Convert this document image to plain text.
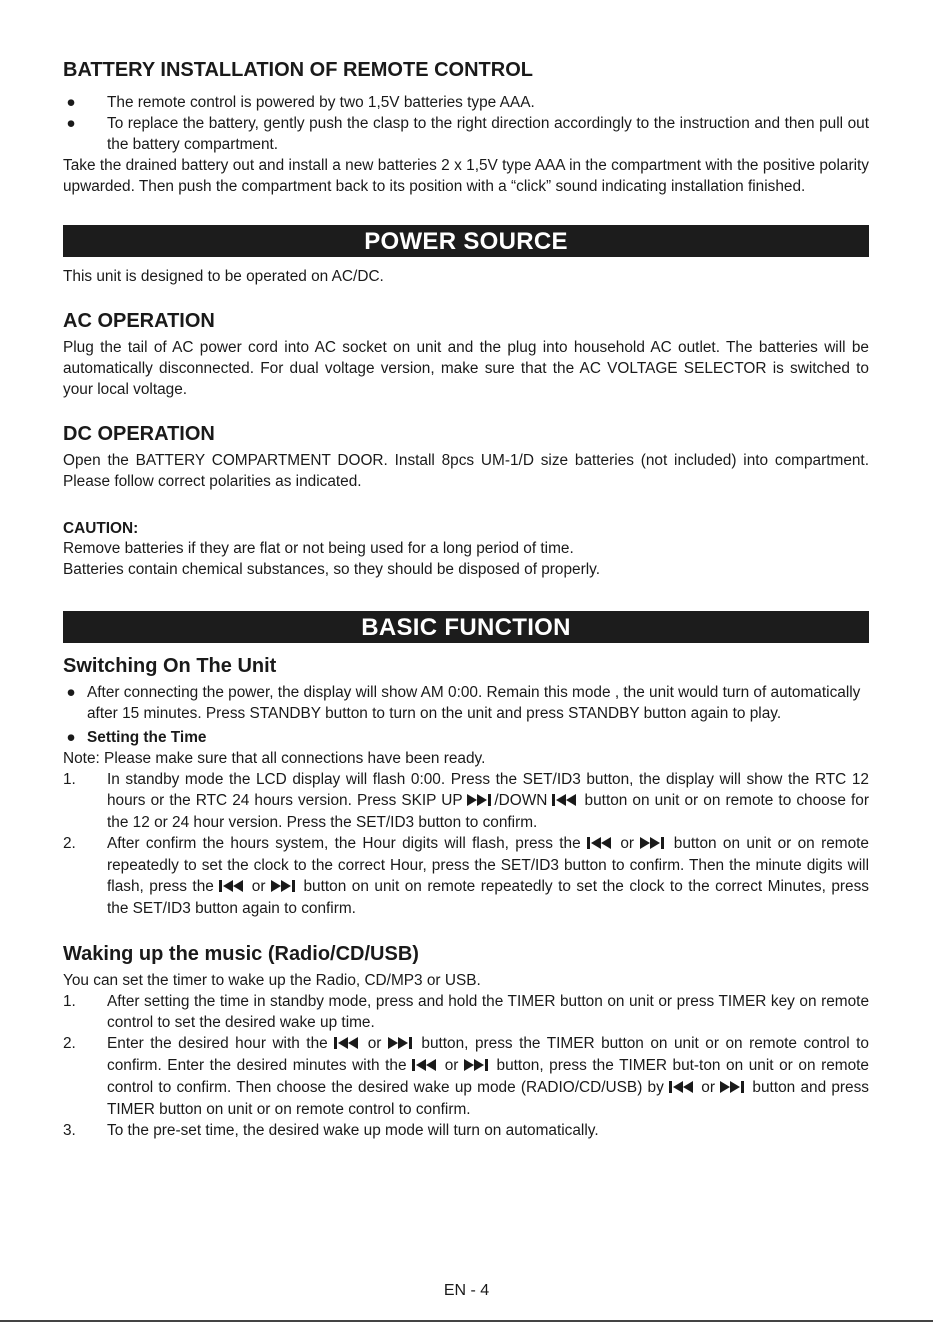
BATTERY INSTALLATION OF REMOTE CONTROL
● The remote control is powered by two 1,5V batteries type AAA.
● To replace the battery, gently push the clasp to the right direction accordingly to the instruction and then pull out the battery compartment.

Take the drained battery out and install a new batteries 2 x 1,5V type AAA in the compartment with the positive polarity upwarded. Then push the compartment back to its position with a “click” sound indicating installation finished.

POWER SOURCE

This unit is designed to be operated on AC/DC.

AC OPERATION

Plug the tail of AC power cord into AC socket on unit and the plug into household AC outlet. The batteries will be automatically disconnected. For dual voltage version, make sure that the AC VOLTAGE SELECTOR is switched to your local voltage.

DC OPERATION

Open the BATTERY COMPARTMENT DOOR. Install 8pcs UM-1/D size batteries (not included) into compartment. Please follow correct polarities as indicated.

CAUTION:

Remove batteries if they are flat or not being used for a long period of time.

Batteries contain chemical substances, so they should be disposed of properly.

BASIC FUNCTION
Switching On The Unit
● After connecting the power, the display will show AM 0:00. Remain this mode , the unit would turn of automatically after 15 minutes. Press STANDBY button to turn on the unit and press STANDBY button again to play.
● Setting the Time

Note: Please make sure that all connections have been ready.

1. In standby mode the LCD display will flash 0:00. Press the SET/ID3 button, the display will show the RTC 12 hours or the RTC 24 hours version. Press SKIP UP /DOWN  button on unit or on remote to choose for the 12 or 24 hour version. Press the SET/ID3 button to confirm.
2. After confirm the hours system, the Hour digits will flash, press the  or  button on unit or on remote repeatedly to set the clock to the correct Hour, press the SET/ID3 button to confirm. Then the minute digits will flash, press the  or  button on unit on remote repeatedly to set the clock to the correct Minutes, press the SET/ID3 button again to confirm.
Waking up the music (Radio/CD/USB)

You can set the timer to wake up the Radio, CD/MP3 or USB.

1. After setting the time in standby mode, press and hold the TIMER button on unit or press TIMER key on remote control to set the desired wake up time.
2. Enter the desired hour with the  or  button, press the TIMER button on unit or on remote control to confirm. Enter the desired minutes with the  or  button, press the TIMER but-ton on unit or on remote control to confirm. Then choose the desired wake up mode (RADIO/CD/USB) by  or  button and press TIMER button on unit or on remote control to confirm.
3. To the pre-set time, the desired wake up mode will turn on automatically.
EN - 4
